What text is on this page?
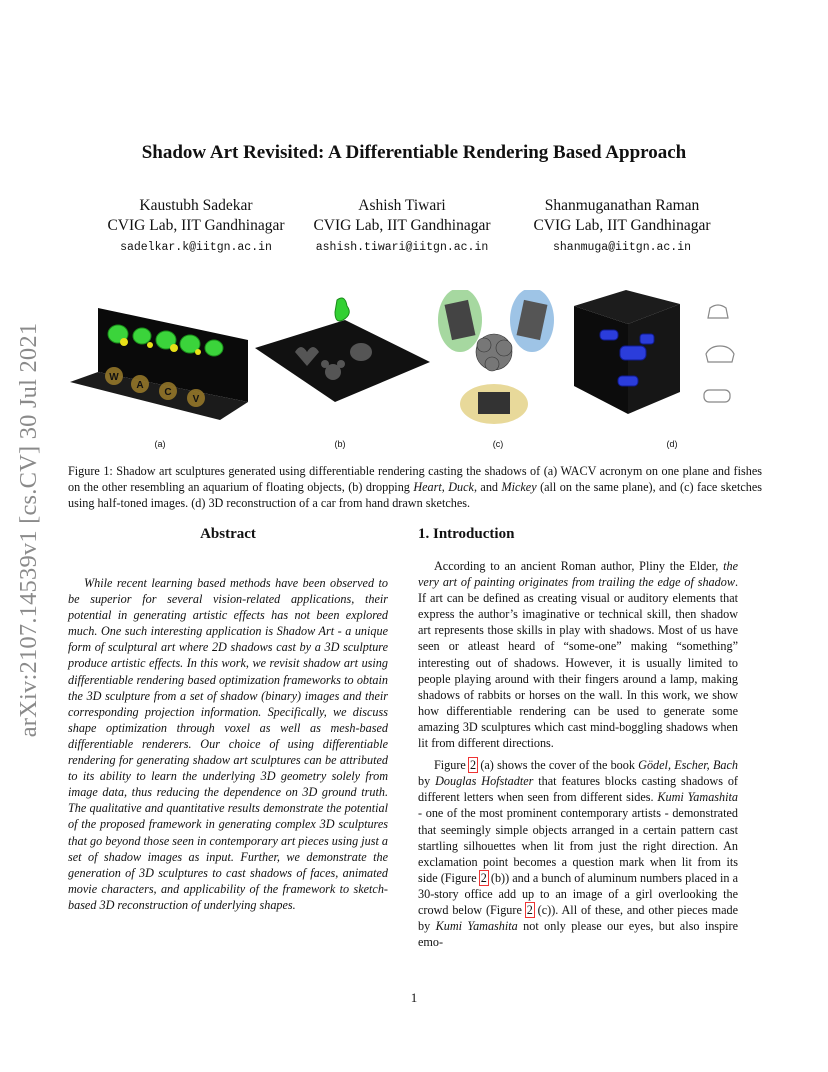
arXiv:2107.14539v1 [cs.CV] 30 Jul 2021
Shadow Art Revisited: A Differentiable Rendering Based Approach
Kaustubh Sadekar
CVIG Lab, IIT Gandhinagar
sadelkar.k@iitgn.ac.in
Ashish Tiwari
CVIG Lab, IIT Gandhinagar
ashish.tiwari@iitgn.ac.in
Shanmuganathan Raman
CVIG Lab, IIT Gandhinagar
shanmuga@iitgn.ac.in
W
A
C
V
(a)	(b)	(c)	(d)
Figure 1: Shadow art sculptures generated using differentiable rendering casting the shadows of (a) WACV acronym on one plane and fishes on the other resembling an aquarium of floating objects, (b) dropping Heart, Duck, and Mickey (all on the same plane), and (c) face sketches using half-toned images. (d) 3D reconstruction of a car from hand drawn sketches.
Abstract
While recent learning based methods have been observed to be superior for several vision-related applications, their potential in generating artistic effects has not been explored much. One such interesting application is Shadow Art - a unique form of sculptural art where 2D shadows cast by a 3D sculpture produce artistic effects. In this work, we revisit shadow art using differentiable rendering based optimization frameworks to obtain the 3D sculpture from a set of shadow (binary) images and their corresponding projection information. Specifically, we discuss shape optimization through voxel as well as mesh-based differentiable renderers. Our choice of using differentiable rendering for generating shadow art sculptures can be attributed to its ability to learn the underlying 3D geometry solely from image data, thus reducing the dependence on 3D ground truth. The qualitative and quantitative results demonstrate the potential of the proposed framework in generating complex 3D sculptures that go beyond those seen in contemporary art pieces using just a set of shadow images as input. Further, we demonstrate the generation of 3D sculptures to cast shadows of faces, animated movie characters, and applicability of the framework to sketch-based 3D reconstruction of underlying shapes.
1. Introduction

According to an ancient Roman author, Pliny the Elder, the very art of painting originates from trailing the edge of shadow. If art can be defined as creating visual or auditory elements that express the author’s imaginative or technical skill, then shadow art represents those skills in play with shadows. Most of us have seen or atleast heard of “some-one” making “something” interesting out of shadows. However, it is usually limited to people playing around with their fingers around a lamp, making shadows of rabbits or horses on the wall. In this work, we show how differentiable rendering can be used to generate some amazing 3D sculptures which cast mind-boggling shadows when lit from different directions.

Figure 2 (a) shows the cover of the book Gödel, Escher, Bach by Douglas Hofstadter that features blocks casting shadows of different letters when seen from different sides. Kumi Yamashita - one of the most prominent contemporary artists - demonstrated that seemingly simple objects arranged in a certain pattern cast startling silhouettes when lit from just the right direction. An exclamation point becomes a question mark when lit from its side (Figure 2 (b)) and a bunch of aluminum numbers placed in a 30-story office add up to an image of a girl overlooking the crowd below (Figure 2 (c)). All of these, and other pieces made by Kumi Yamashita not only please our eyes, but also inspire emo-

1
